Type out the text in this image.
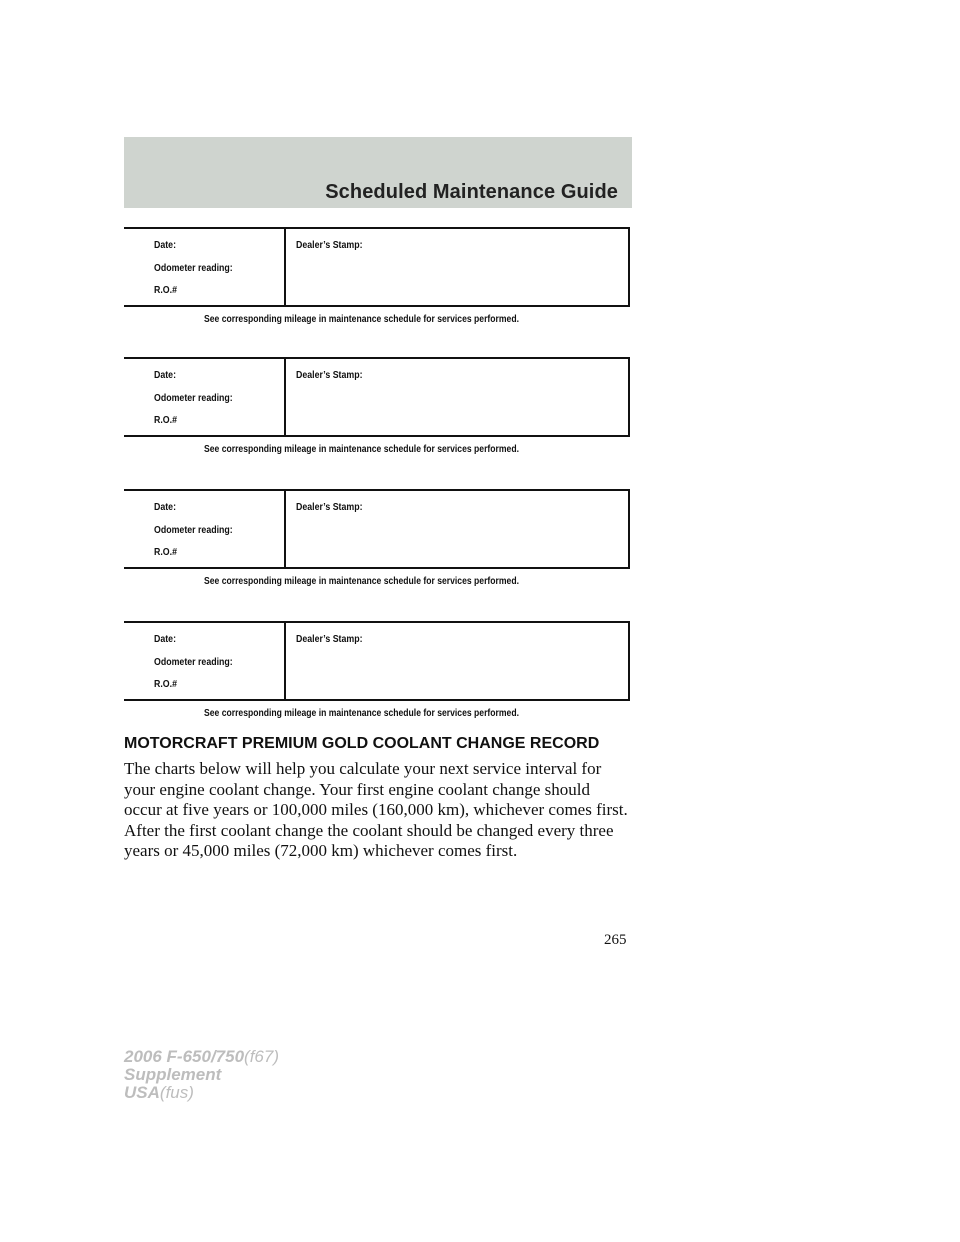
Scheduled Maintenance Guide
Date:
Odometer reading:
R.O.#
Dealer’s Stamp:
See corresponding mileage in maintenance schedule for services performed.
Date:
Odometer reading:
R.O.#
Dealer’s Stamp:
See corresponding mileage in maintenance schedule for services performed.
Date:
Odometer reading:
R.O.#
Dealer’s Stamp:
See corresponding mileage in maintenance schedule for services performed.
Date:
Odometer reading:
R.O.#
Dealer’s Stamp:
See corresponding mileage in maintenance schedule for services performed.
MOTORCRAFT PREMIUM GOLD COOLANT CHANGE RECORD

The charts below will help you calculate your next service interval for
your engine coolant change. Your first engine coolant change should
occur at five years or 100,000 miles (160,000 km), whichever comes first.
After the first coolant change the coolant should be changed every three
years or 45,000 miles (72,000 km) whichever comes first.

265
2006 F-650/750(f67)
Supplement
USA(fus)
